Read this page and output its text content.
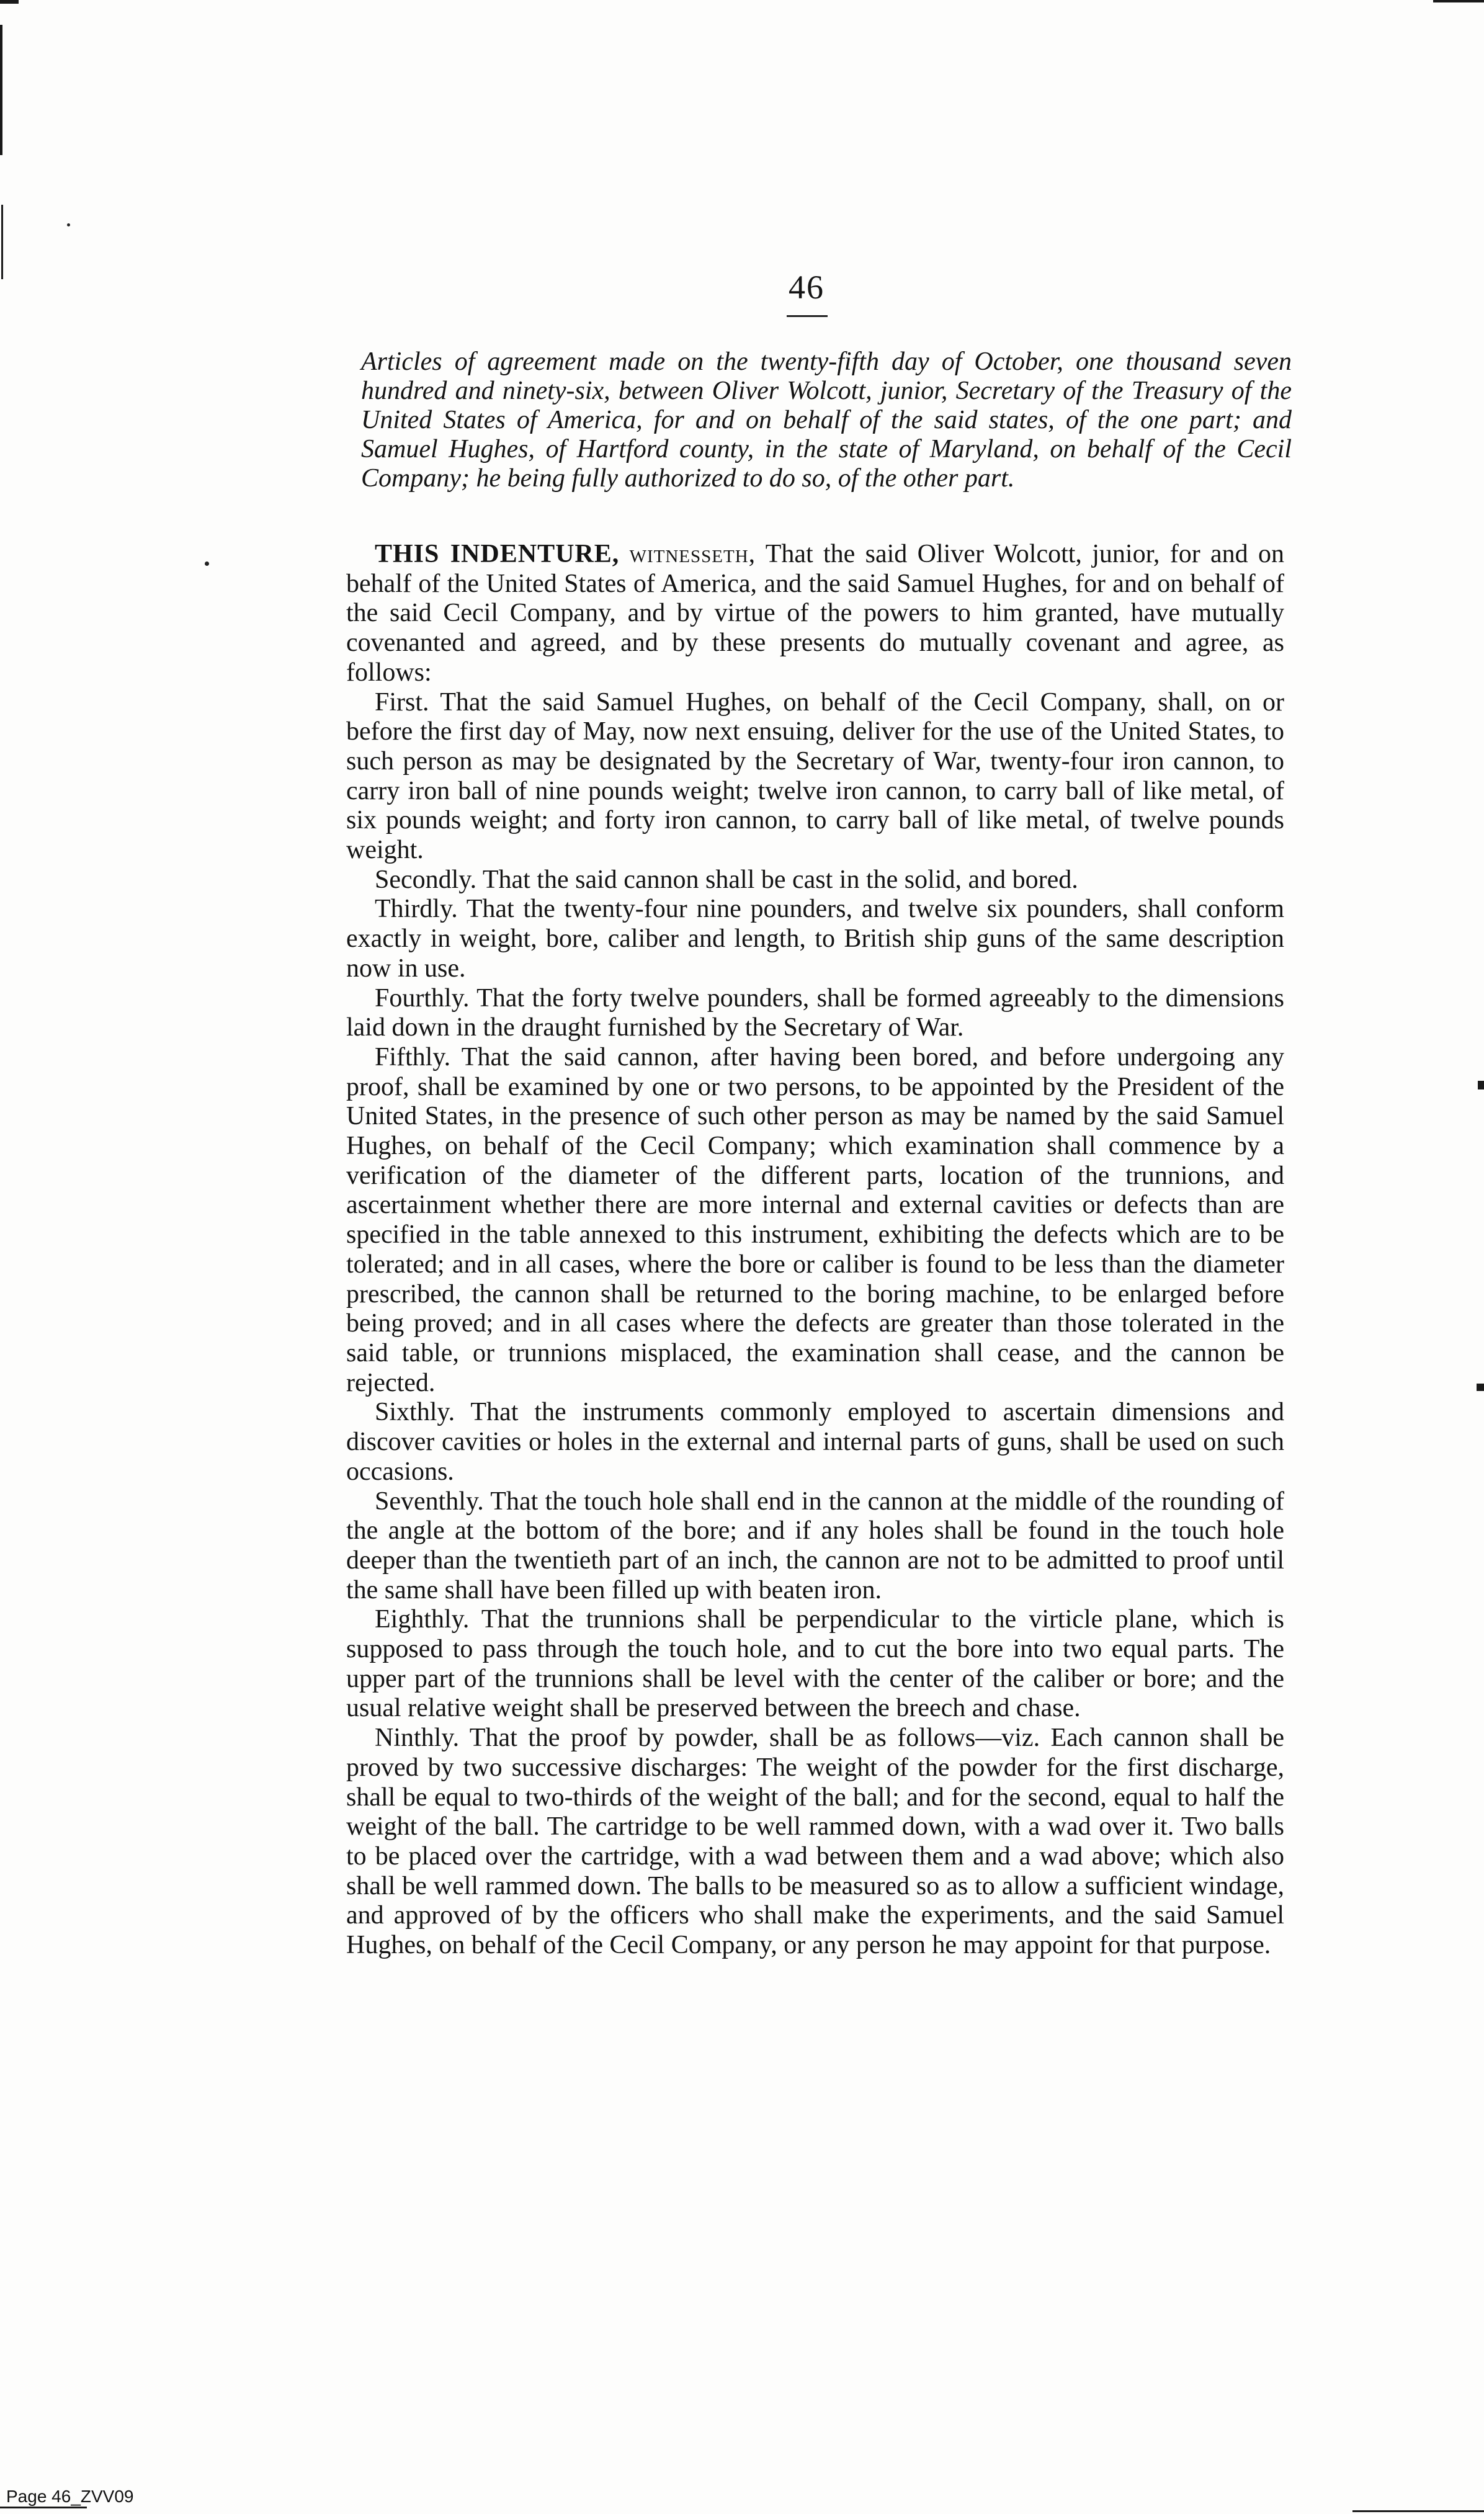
46
Articles of agreement made on the twenty-fifth day of October, one thousand seven hundred and ninety-six, between Oliver Wolcott, junior, Secretary of the Treasury of the United States of America, for and on behalf of the said states, of the one part; and Samuel Hughes, of Hartford county, in the state of Maryland, on behalf of the Cecil Company; he being fully authorized to do so, of the other part.

THIS INDENTURE, witnesseth, That the said Oliver Wolcott, junior, for and on behalf of the United States of America, and the said Samuel Hughes, for and on behalf of the said Cecil Company, and by virtue of the powers to him granted, have mutually covenanted and agreed, and by these presents do mutually covenant and agree, as follows:

First. That the said Samuel Hughes, on behalf of the Cecil Company, shall, on or before the first day of May, now next ensuing, deliver for the use of the United States, to such person as may be designated by the Secretary of War, twenty-four iron cannon, to carry iron ball of nine pounds weight; twelve iron cannon, to carry ball of like metal, of six pounds weight; and forty iron cannon, to carry ball of like metal, of twelve pounds weight.

Secondly. That the said cannon shall be cast in the solid, and bored.

Thirdly. That the twenty-four nine pounders, and twelve six pounders, shall conform exactly in weight, bore, caliber and length, to British ship guns of the same description now in use.

Fourthly. That the forty twelve pounders, shall be formed agreeably to the dimensions laid down in the draught furnished by the Secretary of War.

Fifthly. That the said cannon, after having been bored, and before undergoing any proof, shall be examined by one or two persons, to be appointed by the President of the United States, in the presence of such other person as may be named by the said Samuel Hughes, on behalf of the Cecil Company; which examination shall commence by a verification of the diameter of the different parts, location of the trunnions, and ascertainment whether there are more internal and external cavities or defects than are specified in the table annexed to this instrument, exhibiting the defects which are to be tolerated; and in all cases, where the bore or caliber is found to be less than the diameter prescribed, the cannon shall be returned to the boring machine, to be enlarged before being proved; and in all cases where the defects are greater than those tolerated in the said table, or trunnions misplaced, the examination shall cease, and the cannon be rejected.

Sixthly. That the instruments commonly employed to ascertain dimensions and discover cavities or holes in the external and internal parts of guns, shall be used on such occasions.

Seventhly. That the touch hole shall end in the cannon at the middle of the rounding of the angle at the bottom of the bore; and if any holes shall be found in the touch hole deeper than the twentieth part of an inch, the cannon are not to be admitted to proof until the same shall have been filled up with beaten iron.

Eighthly. That the trunnions shall be perpendicular to the virticle plane, which is supposed to pass through the touch hole, and to cut the bore into two equal parts. The upper part of the trunnions shall be level with the center of the caliber or bore; and the usual relative weight shall be preserved between the breech and chase.

Ninthly. That the proof by powder, shall be as follows—viz. Each cannon shall be proved by two successive discharges: The weight of the powder for the first discharge, shall be equal to two-thirds of the weight of the ball; and for the second, equal to half the weight of the ball. The cartridge to be well rammed down, with a wad over it. Two balls to be placed over the cartridge, with a wad between them and a wad above; which also shall be well rammed down. The balls to be measured so as to allow a sufficient windage, and approved of by the officers who shall make the experiments, and the said Samuel Hughes, on behalf of the Cecil Company, or any person he may appoint for that purpose.

Page 46_ZVV09
